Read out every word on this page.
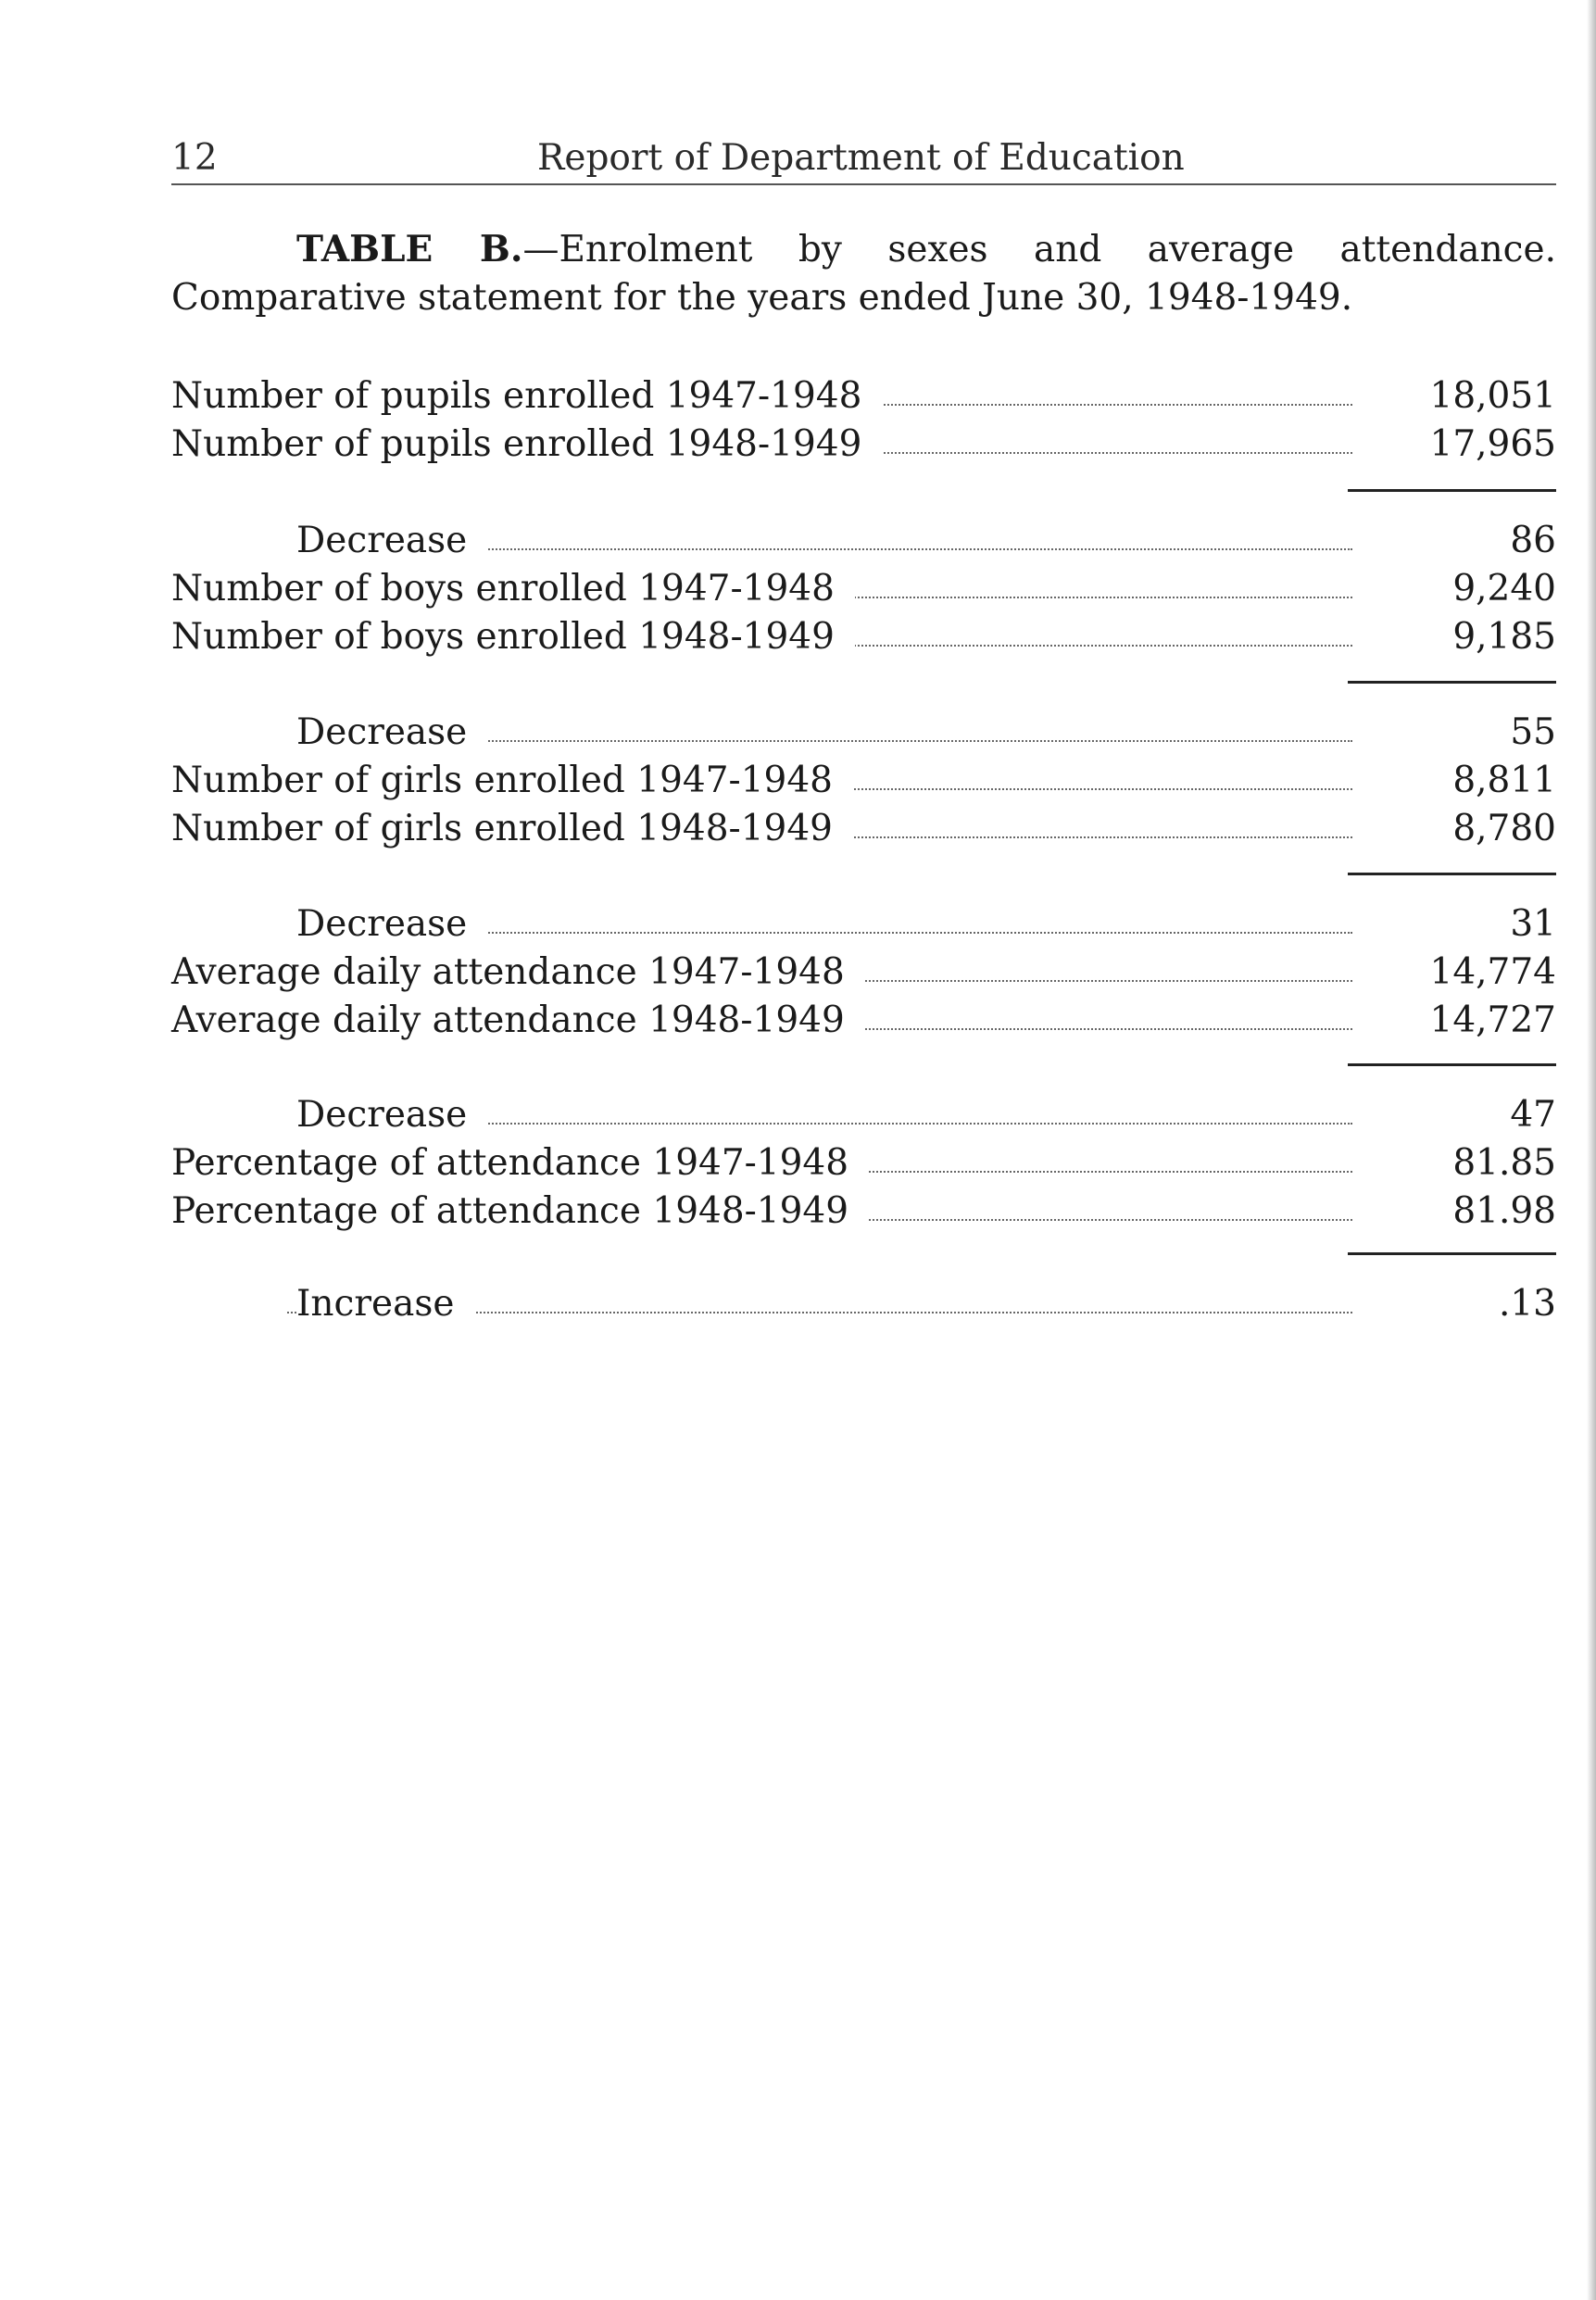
12	Report of Department of Education
TABLE B.—Enrolment by sexes and average attendance. Comparative statement for the years ended June 30, 1948-1949.
Number of pupils enrolled 1947-1948	18,051
Number of pupils enrolled 1948-1949	17,965
Decrease	86
Number of boys enrolled 1947-1948	9,240
Number of boys enrolled 1948-1949	9,185
Decrease	55
Number of girls enrolled 1947-1948	8,811
Number of girls enrolled 1948-1949	8,780
Decrease	31
Average daily attendance 1947-1948	14,774
Average daily attendance 1948-1949	14,727
Decrease	47
Percentage of attendance 1947-1948	81.85
Percentage of attendance 1948-1949	81.98
Increase	.13
